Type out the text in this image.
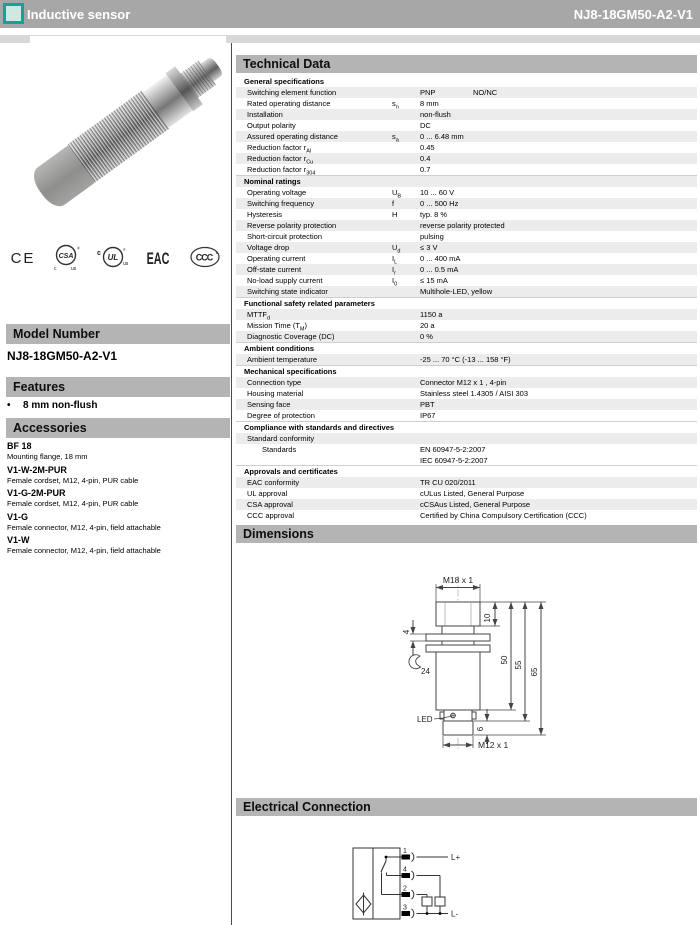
Inductive sensor	NJ8-18GM50-A2-V1
CE	CSA
®
c	us
c UL
®
us EAC	CCC
Model Number
NJ8-18GM50-A2-V1
Features
•	8 mm non-flush
Accessories
BF 18
Mounting flange, 18 mm
V1-W-2M-PUR
Female cordset, M12, 4-pin, PUR cable
V1-G-2M-PUR
Female cordset, M12, 4-pin, PUR cable
V1-G
Female connector, M12, 4-pin, field attachable
V1-W
Female connector, M12, 4-pin, field attachable
Technical Data
General specifications
Switching element function	PNP	NO/NC
Rated operating distance	$s_n$	8 mm
Installation	non-flush
Output polarity	DC
Assured operating distance	$s_a$	0 ... 6.48 mm
Reduction factor $r_{Al}$	0.45
Reduction factor $r_{Cu}$	0.4
Reduction factor $r_{304}$	0.7
Nominal ratings
Operating voltage	$U_B$	10 ... 60 V
Switching frequency	f	0 ... 500 Hz
Hysteresis	H	typ. 8 %
Reverse polarity protection	reverse polarity protected
Short-circuit protection	pulsing
Voltage drop	$U_d$	≤ 3 V
Operating current	$I_L$	0 ... 400 mA
Off-state current	$I_r$	0 ... 0.5 mA
No-load supply current	$I_0$	≤ 15 mA
Switching state indicator	Multihole-LED, yellow
Functional safety related parameters
$MTTF_d$	1150 a
Mission Time $(T_M)$	20 a
Diagnostic Coverage (DC)	0 %
Ambient conditions
Ambient temperature	-25 ... 70 °C (-13 ... 158 °F)
Mechanical specifications
Connection type	Connector M12 x 1 , 4-pin
Housing material	Stainless steel 1.4305 / AISI 303
Sensing face	PBT
Degree of protection	IP67
Compliance with standards and directives
Standard conformity
Standards	EN 60947-5-2:2007
IEC 60947-5-2:2007
Approvals and certificates
EAC conformity	TR CU 020/2011
UL approval	cULus Listed, General Purpose
CSA approval	cCSAus Listed, General Purpose
CCC approval	Certified by China Compulsory Certification (CCC)
Dimensions
M18 x 1
10
4
24
50
55
65
LED
6
M12 x 1
Electrical Connection
1
4
2
3
L+
L-
